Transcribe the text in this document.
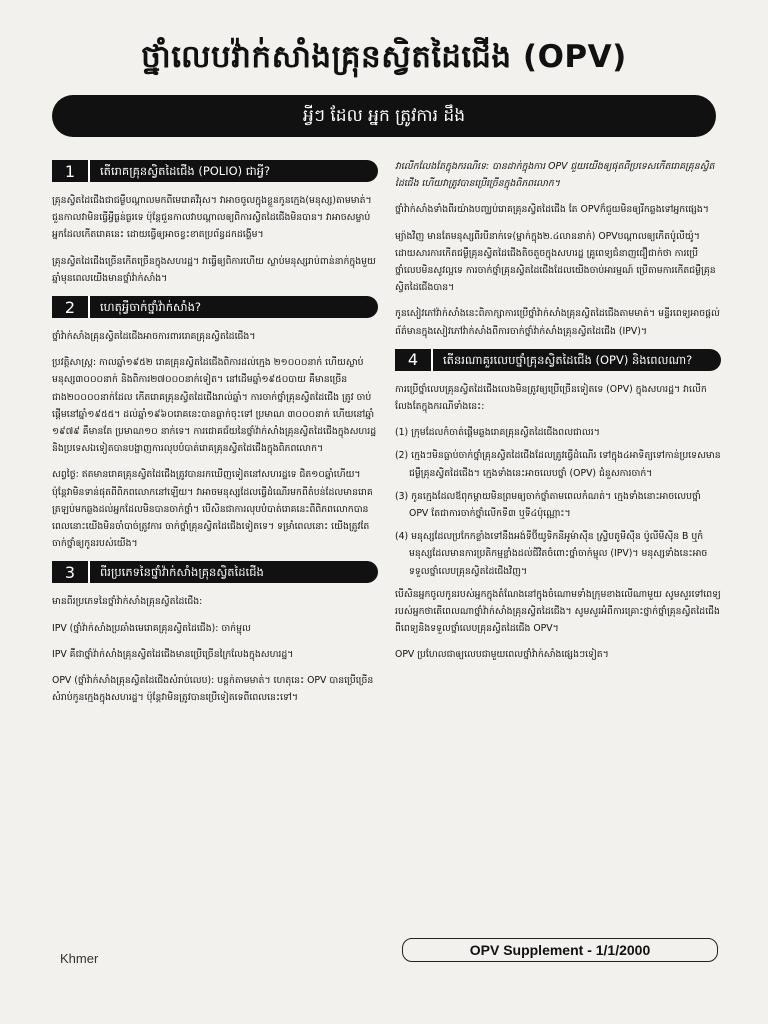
ថ្នាំលេបវ៉ាក់សាំងគ្រុនស្វិតដៃជើង (OPV)
អ្វីៗ ដែល អ្នក ត្រូវការ ដឹង
1	តើរោគគ្រុនស្វិតដៃជើង (POLIO) ជាអ្វី?

គ្រុនស្វិតដៃជើងជាជម្ងឺបណ្ដាលមកពីមេរោគវីរុស។ វាអាចចូលក្នុងខ្លួនកូនក្មេង(មនុស្ស)តាមមាត់។ ជួនកាលវាមិនធ្វើអ្វីធ្ងន់ធ្ងរទេ ប៉ុន្តែជួនកាលវាបណ្ដាលឲ្យពិការស្វិតដៃជើងមិនបាន។ វាអាចសម្លាប់អ្នកដែលកើតរោគនេះ ដោយធ្វើឲ្យអាចខ្វះខាតប្រព័ន្ធដកដង្ហើម។

គ្រុនស្វិតដៃជើងច្រើនកើតច្រើនក្នុងសហរដ្ឋ។ វាធ្វើឲ្យពិការហើយ ស្លាប់មនុស្សរាប់ពាន់នាក់ក្នុងមួយឆ្នាំមុនពេលយើងមានថ្នាំវ៉ាក់សាំង។

2	ហេតុអ្វីចាក់ថ្នាំវ៉ាក់សាំង?

ថ្នាំវ៉ាក់សាំងគ្រុនស្វិតដៃជើងអាចការពាររោគគ្រុនស្វិតដៃជើង។

ប្រវត្តិសាស្ត្រ: កាលឆ្នាំ១៩៥២ រោគគ្រុនស្វិតដៃជើងពិការដល់ក្មេង ២១០០០នាក់ ហើយស្លាប់មនុស្ស៣០០០នាក់ និងពិការ២៧០០០នាក់ទៀត។ នៅដើមឆ្នាំ១៩៥០បាយ គឺមានច្រើន ជាង២០០០០នាក់ដែល កើតរោគគ្រុនស្វិតដៃជើងរាល់ឆ្នាំ។ ការចាក់ថ្នាំគ្រុនស្វិតដៃជើង ត្រូវ ចាប់ផ្ដើមនៅឆ្នាំ១៩៥៥។ ដល់ឆ្នាំ១៩៦០រោគនេះបានធ្លាក់ចុះទៅ ប្រមាណ ៣០០០នាក់ ហើយនៅឆ្នាំ ១៩៧៩ គឺមានតែ ប្រមាណ១០ នាក់ទេ។ ការជោគជ័យនៃថ្នាំវ៉ាក់សាំងគ្រុនស្វិតដៃជើងក្នុងសហរដ្ឋ និងប្រទេសឯទៀតបានបង្ហាញការលុបបំបាត់រោគគ្រុនស្វិតដៃជើងក្នុងពិភពលោក។

សព្វថ្ងៃ: ឥតមានរោគគ្រុនស្វិតដៃជើងត្រូវបានរកឃើញទៀតនៅសហរដ្ឋទេ ជិត១០ឆ្នាំហើយ។ ប៉ុន្តែវាមិនទាន់ផុតពីពិភពលោកនៅឡើយ។ វាអាចមនុស្សដែលធ្វើដំណើរមកពីតំបន់ដែលមានរោគ ត្រឡប់មកឆ្លងដល់អ្នកដែលមិនបានចាក់ថ្នាំ។ បើសិនជាការលុបបំបាត់រោគនេះពីពិភពលោកបាន ពេលនោះយើងមិនចាំបាច់ត្រូវការ ចាក់ថ្នាំគ្រុនស្វិតដៃជើងទៀតទេ។ ទម្រាំពេលនោះ យើងត្រូវតែចាក់ថ្នាំឲ្យកូនរបស់យើង។

3	ពីរប្រភេទនៃថ្នាំវ៉ាក់សាំងគ្រុនស្វិតដៃជើង

មានពីរប្រភេទនៃថ្នាំវ៉ាក់សាំងគ្រុនស្វិតដៃជើង:

IPV (ថ្នាំវ៉ាក់សាំងប្រឆាំងមេរោគគ្រុនស្វិតដៃជើង): ចាក់ម្ជុល

IPV គឺជាថ្នាំវ៉ាក់សាំងគ្រុនស្វិតដៃជើងមានប្រើច្រើនក្រៃលែងក្នុងសហរដ្ឋ។

OPV (ថ្នាំវ៉ាក់សាំងគ្រុនស្វិតដៃជើងសំរាប់លេប): បន្តក់តាមមាត់។ ហេតុនេះ OPV បានប្រើច្រើនសំរាប់កូនក្មេងក្នុងសហរដ្ឋ។ ប៉ុន្តែវាមិនត្រូវបានប្រើទៀតទេពីពេលនេះទៅ។

វាលើកលែងតែក្នុងករណីទេ: បានដាក់ក្នុងការ OPV ជួយយើងឲ្យផុតពីប្រទេសកើតរោគគ្រុនស្វិតដៃជើង ហើយវាត្រូវបានប្រើច្រើនក្នុងពិភពលោក។

ថ្នាំវ៉ាក់សាំងទាំងពីរយ៉ាងបញ្ឈប់រោគគ្រុនស្វិតដៃជើង តែ OPVក៏ជួយមិនឲ្យរីកឆ្លងទៅអ្នកផ្សេង។

ម្យ៉ាងវិញ មានតែមនុស្សពីរបីនាក់ទេ(ម្នាក់ក្នុង២.៤លាននាក់) OPVបណ្ដាលឲ្យកើតប៉ូលីយ៉ូ។ ដោយសារការកើតជម្ងឺគ្រុនស្វិតដៃជើងតិចតួចក្នុងសហរដ្ឋ គ្រូពេទ្យជំនាញជឿជាក់ថា ការប្រើថ្នាំលេបមិនសូវល្អទេ ការចាក់ថ្នាំគ្រុនស្វិតដៃជើងដែលយើងចាប់អារម្មណ៍ ប្រើតាមការកើតជម្ងឺគ្រុនស្វិតដៃជើងបាន។

កូនសៀវភៅវ៉ាក់សាំងនេះពិភាក្សាការប្រើថ្នាំវ៉ាក់សាំងគ្រុនស្វិតដៃជើងតាមមាត់។ មន្ទីរពេទ្យអាចផ្ដល់ព័ត៌មានក្នុងសៀវភៅវ៉ាក់សាំងពីការចាក់ថ្នាំវ៉ាក់សាំងគ្រុនស្វិតដៃជើង (IPV)។

4	តើនរណាគួរលេបថ្នាំគ្រុនស្វិតដៃជើង (OPV) និងពេលណា?

ការប្រើថ្នាំលេបគ្រុនស្វិតដៃជើងលេងមិនត្រូវឲ្យប្រើច្រើនទៀតទេ (OPV) ក្នុងសហរដ្ឋ។ វាលើកលែងតែក្នុងករណីទាំងនេះ:

(1) ក្រុមដែលកំចាត់ផ្ដើមឆ្លងរោគគ្រុនស្វិតដៃជើងពលជាលរ។

(2) ក្មេងៗមិនធ្លាប់ចាក់ថ្នាំគ្រុនស្វិតដៃជើងដែលត្រូវធ្វើដំណើរ ទៅក្នុង៤អាទិត្យទៅកាន់ប្រទេសមានជម្ងឺគ្រុនស្វិតដៃជើង។ ក្មេងទាំងនេះអាចលេបថ្នាំ (OPV) ជំនួសការចាក់។

(3) កូនក្មេងដែលឪពុកម្ដាយមិនព្រមឲ្យចាក់ថ្នាំតាមពេលកំណត់។ ក្មេងទាំងនោះអាចលេបថ្នាំ OPV តែជាការចាក់ថ្នាំលើកទី៣ ឬទី៤ប៉ុណ្ណោះ។

(4) មនុស្សដែលប្រកែកខ្លាំងទៅនឹងអង់ទីប៊ីយូទិកនីអូម៉ាស៊ីន ស្ទ្រិបតូមីស៊ីន ប៉ូលីមីស៊ីន B ឬកំមនុស្សដែលមានការប្រតិកម្មខ្លាំងដល់ជីវិតចំពោះថ្នាំចាក់ម្ជុល (IPV)។ មនុស្សទាំងនេះអាចទទួលថ្នាំលេបគ្រុនស្វិតដៃជើងវិញ។

បើសិនអ្នកចូលកូនរបស់អ្នកក្នុងតំណែងនៅក្នុងចំណោមទាំងក្រុមខាងលើណាមួយ សូមសួរទៅពេទ្យរបស់អ្នកថាតើពេលណាថ្នាំវ៉ាក់សាំងគ្រុនស្វិតដៃជើង។ សូមសួរអំពីការគ្រោះថ្នាក់ថ្នាំគ្រុនស្វិតដៃជើង ពីពេទ្យនិងទទួលថ្នាំលេបគ្រុនស្វិតដៃជើង OPV។

OPV ប្រហែលជាឲ្យលេបជាមួយពេលថ្នាំវ៉ាក់សាំងផ្សេងៗទៀត។

Khmer
OPV Supplement - 1/1/2000
